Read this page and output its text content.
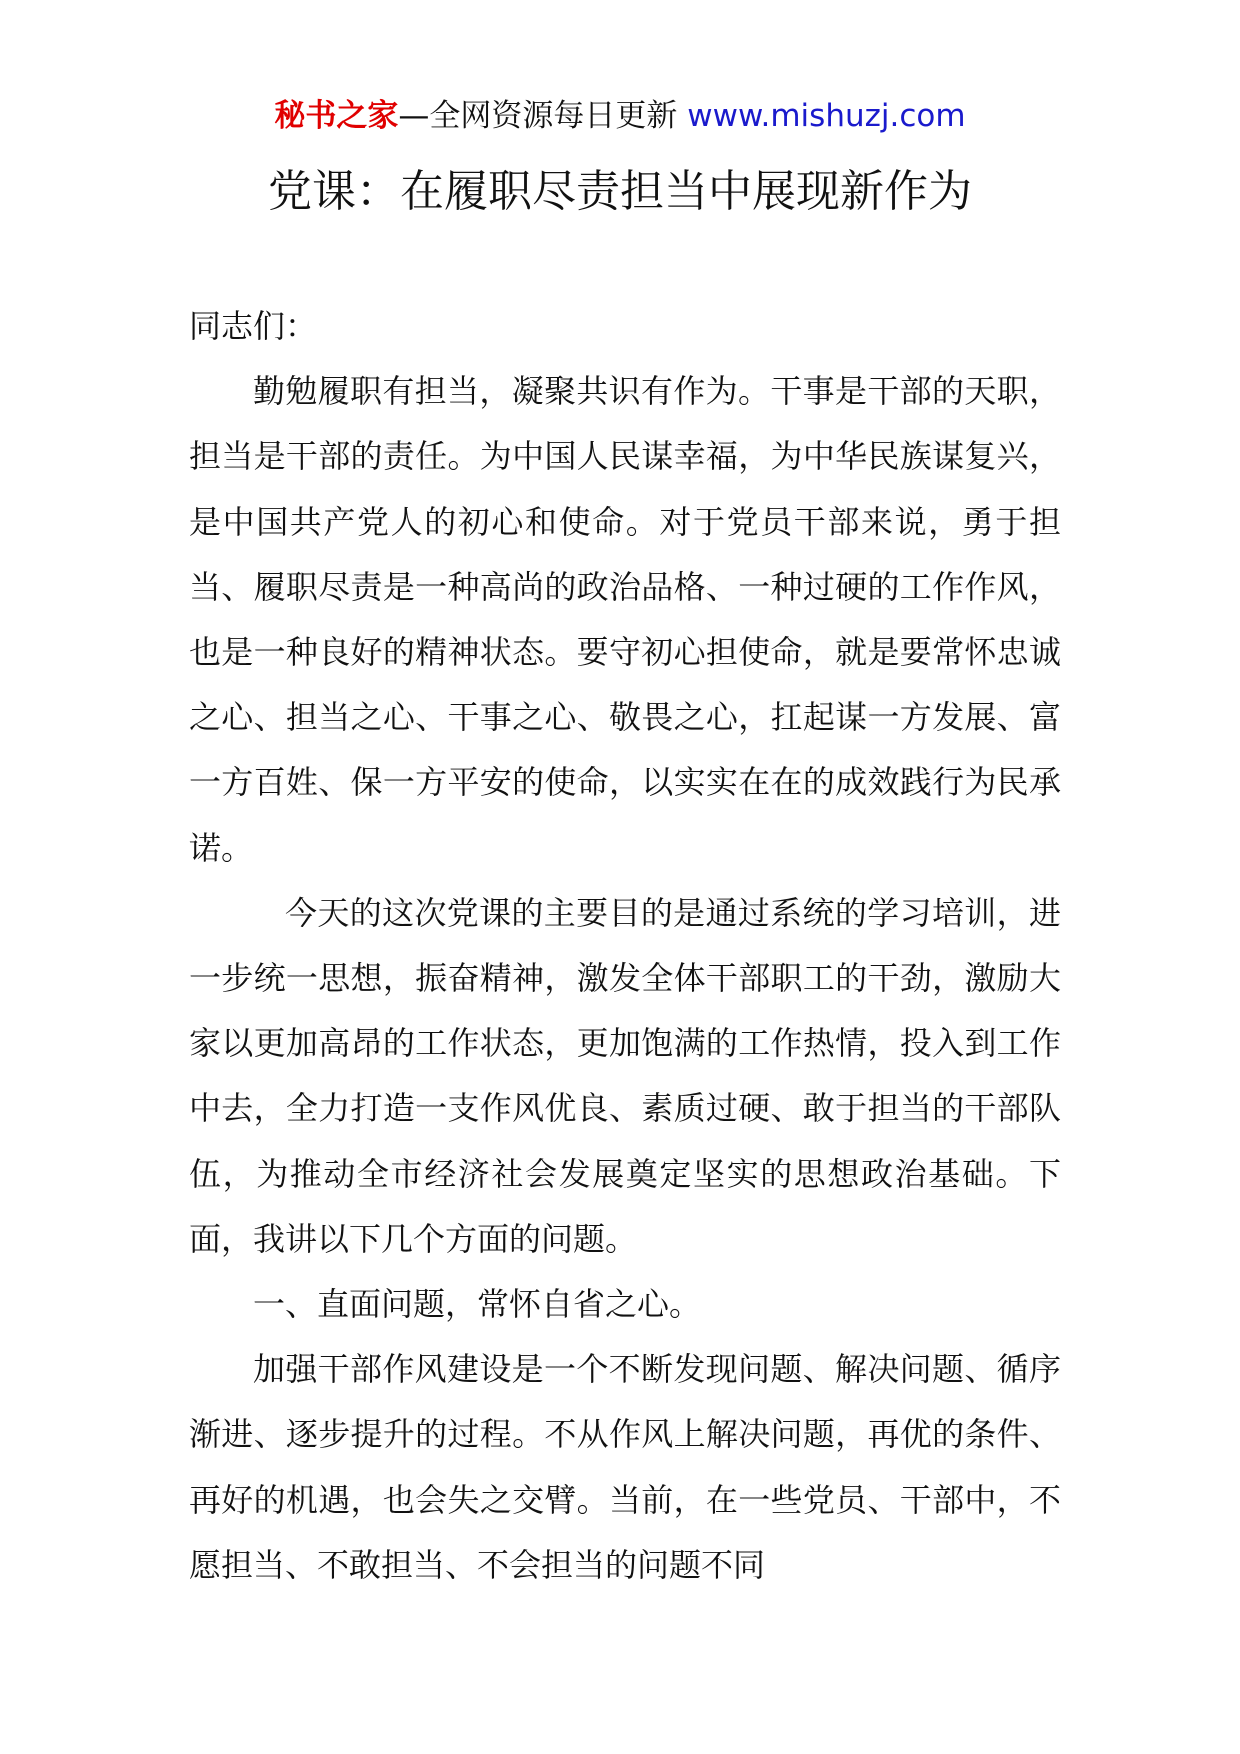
秘书之家—全网资源每日更新 www.mishuzj.com
党课：在履职尽责担当中展现新作为

同志们：

勤勉履职有担当，凝聚共识有作为。干事是干部的天职，担当是干部的责任。为中国人民谋幸福，为中华民族谋复兴，是中国共产党人的初心和使命。对于党员干部来说，勇于担当、履职尽责是一种高尚的政治品格、一种过硬的工作作风，也是一种良好的精神状态。要守初心担使命，就是要常怀忠诚之心、担当之心、干事之心、敬畏之心，扛起谋一方发展、富一方百姓、保一方平安的使命，以实实在在的成效践行为民承诺。

今天的这次党课的主要目的是通过系统的学习培训，进一步统一思想，振奋精神，激发全体干部职工的干劲，激励大家以更加高昂的工作状态，更加饱满的工作热情，投入到工作中去，全力打造一支作风优良、素质过硬、敢于担当的干部队伍，为推动全市经济社会发展奠定坚实的思想政治基础。下面，我讲以下几个方面的问题。

一、直面问题，常怀自省之心。

加强干部作风建设是一个不断发现问题、解决问题、循序渐进、逐步提升的过程。不从作风上解决问题，再优的条件、再好的机遇，也会失之交臂。当前，在一些党员、干部中，不愿担当、不敢担当、不会担当的问题不同
